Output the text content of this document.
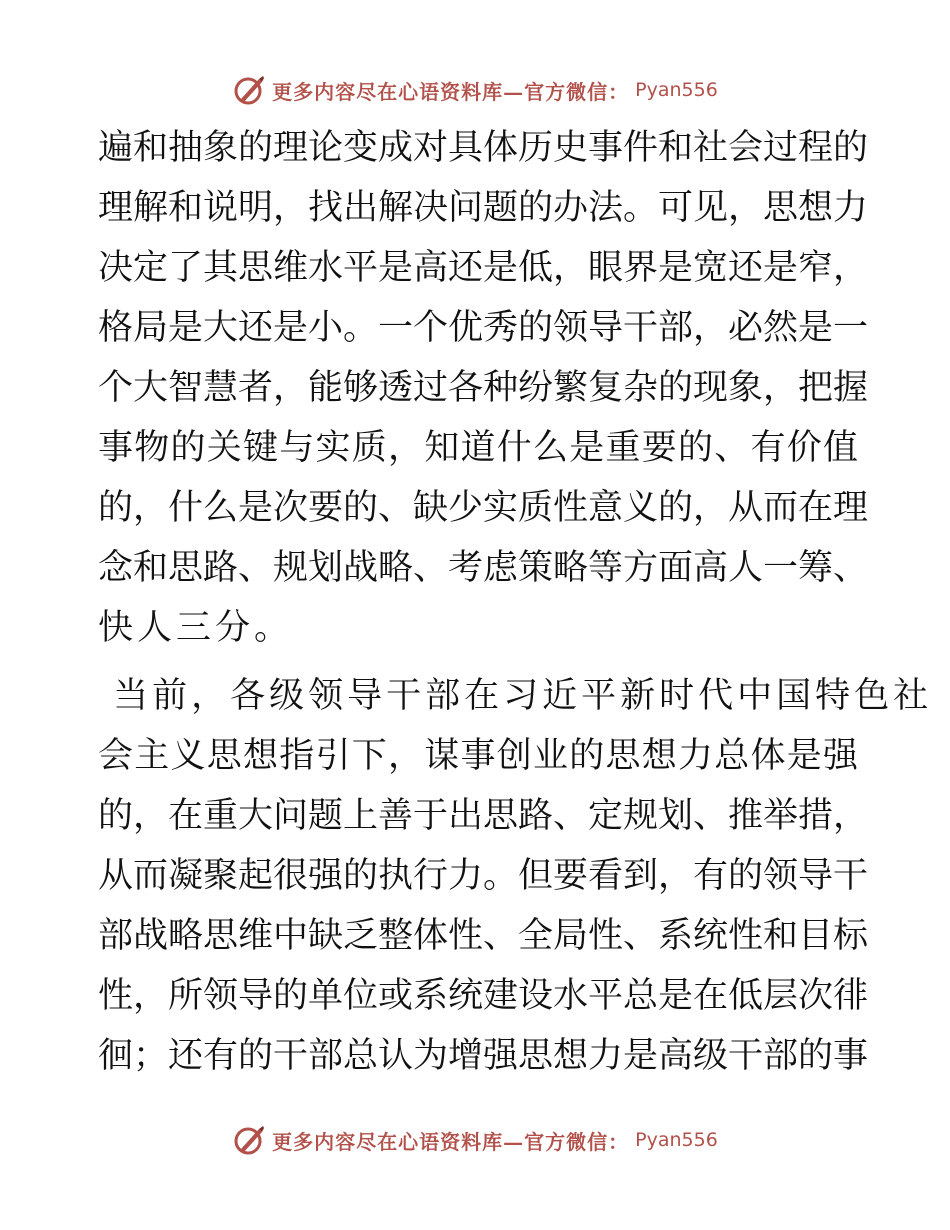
更多内容尽在心语资料库—官方微信： Pyan556
遍和抽象的理论变成对具体历史事件和社会过程的
理解和说明，找出解决问题的办法。可见，思想力
决定了其思维水平是高还是低，眼界是宽还是窄，
格局是大还是小。一个优秀的领导干部，必然是一
个大智慧者，能够透过各种纷繁复杂的现象，把握
事物的关键与实质，知道什么是重要的、有价值
的，什么是次要的、缺少实质性意义的，从而在理
念和思路、规划战略、考虑策略等方面高人一筹、
快人三分。
当前，各级领导干部在习近平新时代中国特色社
会主义思想指引下，谋事创业的思想力总体是强
的，在重大问题上善于出思路、定规划、推举措，
从而凝聚起很强的执行力。但要看到，有的领导干
部战略思维中缺乏整体性、全局性、系统性和目标
性，所领导的单位或系统建设水平总是在低层次徘
徊；还有的干部总认为增强思想力是高级干部的事
更多内容尽在心语资料库—官方微信： Pyan556
